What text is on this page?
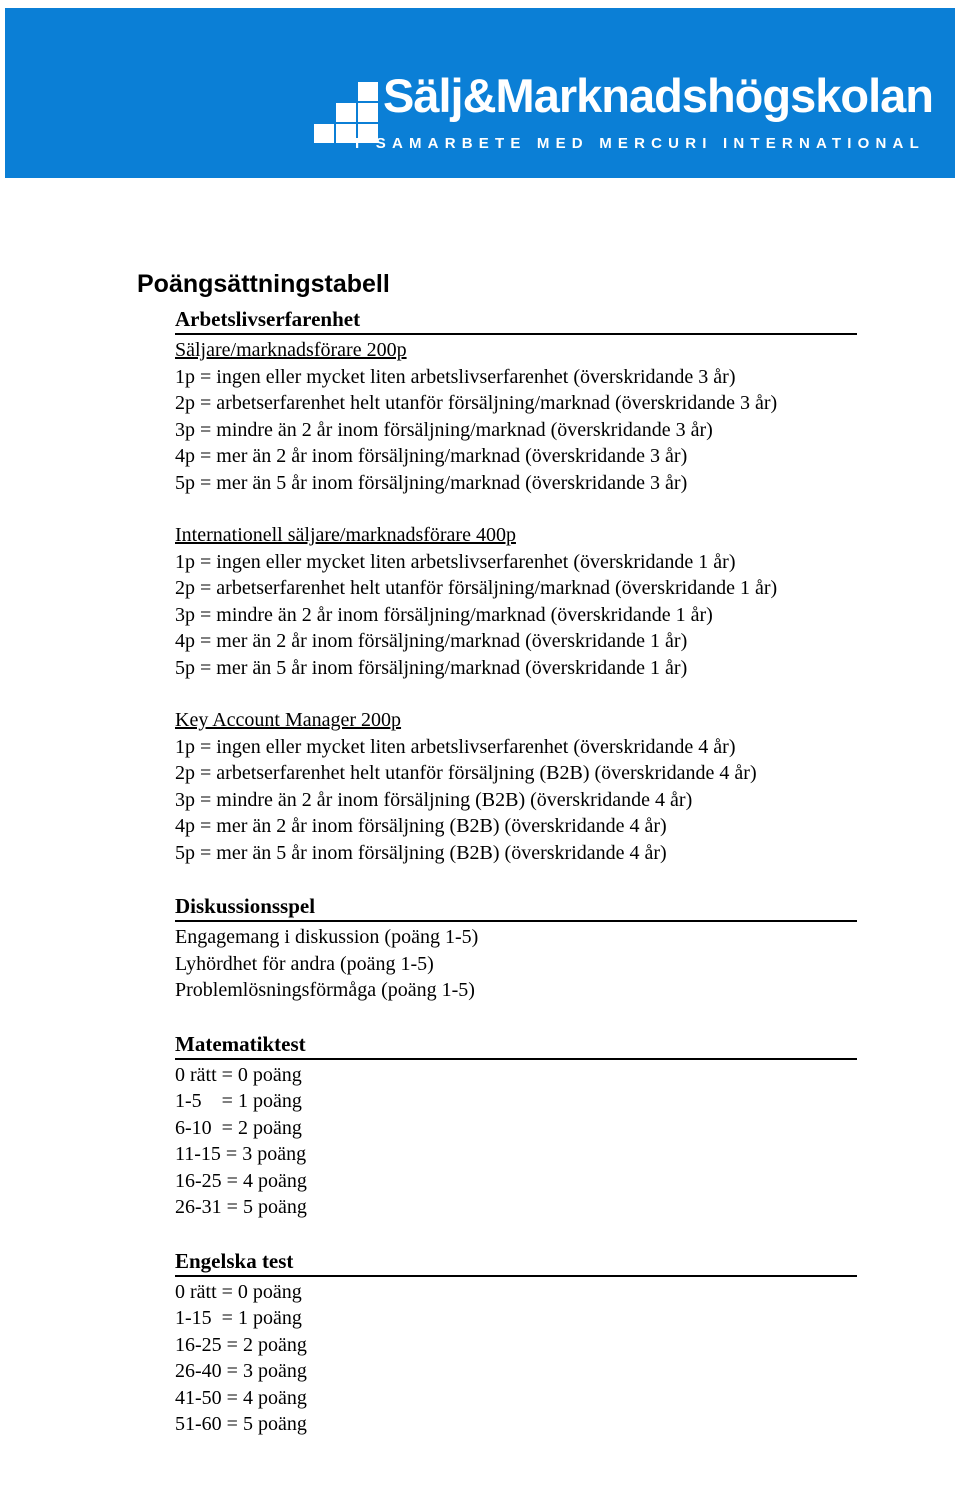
Sälj&Marknadshögskolan
I SAMARBETE MED MERCURI INTERNATIONAL
Poängsättningstabell
Arbetslivserfarenhet
Säljare/marknadsförare 200p
1p = ingen eller mycket liten arbetslivserfarenhet (överskridande 3 år)
2p = arbetserfarenhet helt utanför försäljning/marknad (överskridande 3 år)
3p = mindre än 2 år inom försäljning/marknad (överskridande 3 år)
4p = mer än 2 år inom försäljning/marknad (överskridande 3 år)
5p = mer än 5 år inom försäljning/marknad (överskridande 3 år)
Internationell säljare/marknadsförare 400p
1p = ingen eller mycket liten arbetslivserfarenhet (överskridande 1 år)
2p = arbetserfarenhet helt utanför försäljning/marknad (överskridande 1 år)
3p = mindre än 2 år inom försäljning/marknad (överskridande 1 år)
4p = mer än 2 år inom försäljning/marknad (överskridande 1 år)
5p = mer än 5 år inom försäljning/marknad (överskridande 1 år)
Key Account Manager 200p
1p = ingen eller mycket liten arbetslivserfarenhet (överskridande 4 år)
2p = arbetserfarenhet helt utanför försäljning (B2B) (överskridande 4 år)
3p = mindre än 2 år inom försäljning (B2B) (överskridande 4 år)
4p = mer än 2 år inom försäljning (B2B) (överskridande 4 år)
5p = mer än 5 år inom försäljning (B2B) (överskridande 4 år)
Diskussionsspel
Engagemang i diskussion (poäng 1-5)
Lyhördhet för andra (poäng 1-5)
Problemlösningsförmåga (poäng 1-5)
Matematiktest
0 rätt = 0 poäng
1-5    = 1 poäng
6-10  = 2 poäng
11-15 = 3 poäng
16-25 = 4 poäng
26-31 = 5 poäng
Engelska test
0 rätt = 0 poäng
1-15  = 1 poäng
16-25 = 2 poäng
26-40 = 3 poäng
41-50 = 4 poäng
51-60 = 5 poäng
